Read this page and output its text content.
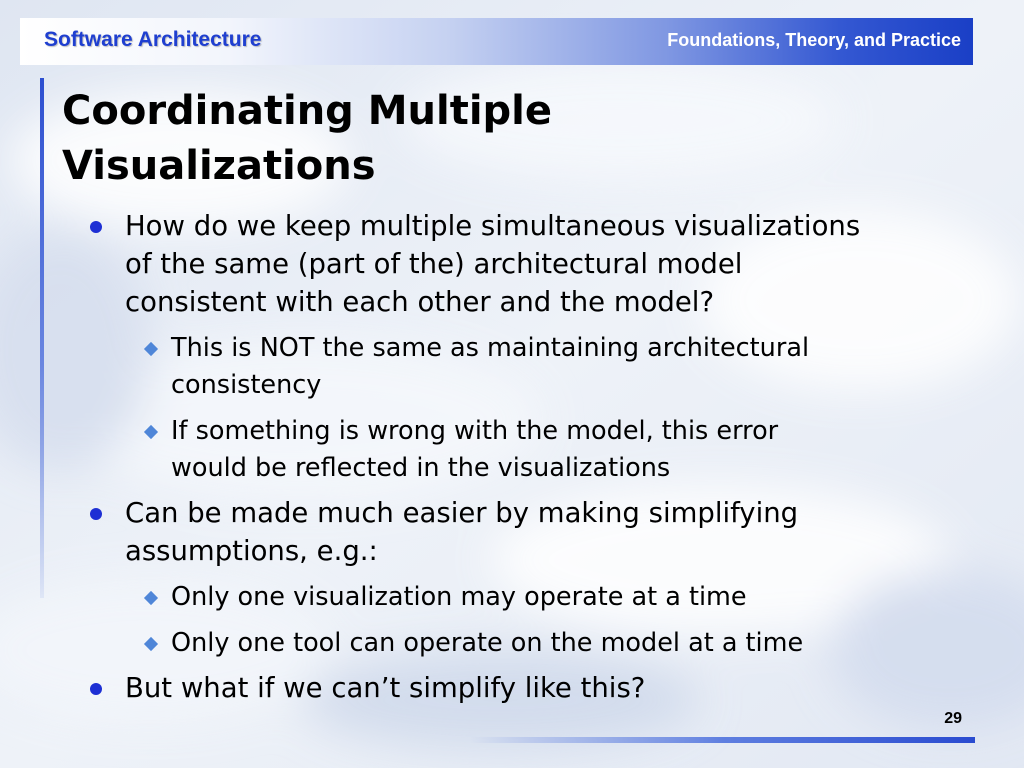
Software Architecture	Foundations, Theory, and Practice
Coordinating Multiple
Visualizations
How do we keep multiple simultaneous visualizations
of the same (part of the) architectural model
consistent with each other and the model?
This is NOT the same as maintaining architectural
consistency
If something is wrong with the model, this error
would be reflected in the visualizations
Can be made much easier by making simplifying
assumptions, e.g.:
Only one visualization may operate at a time
Only one tool can operate on the model at a time
But what if we can’t simplify like this?
29
